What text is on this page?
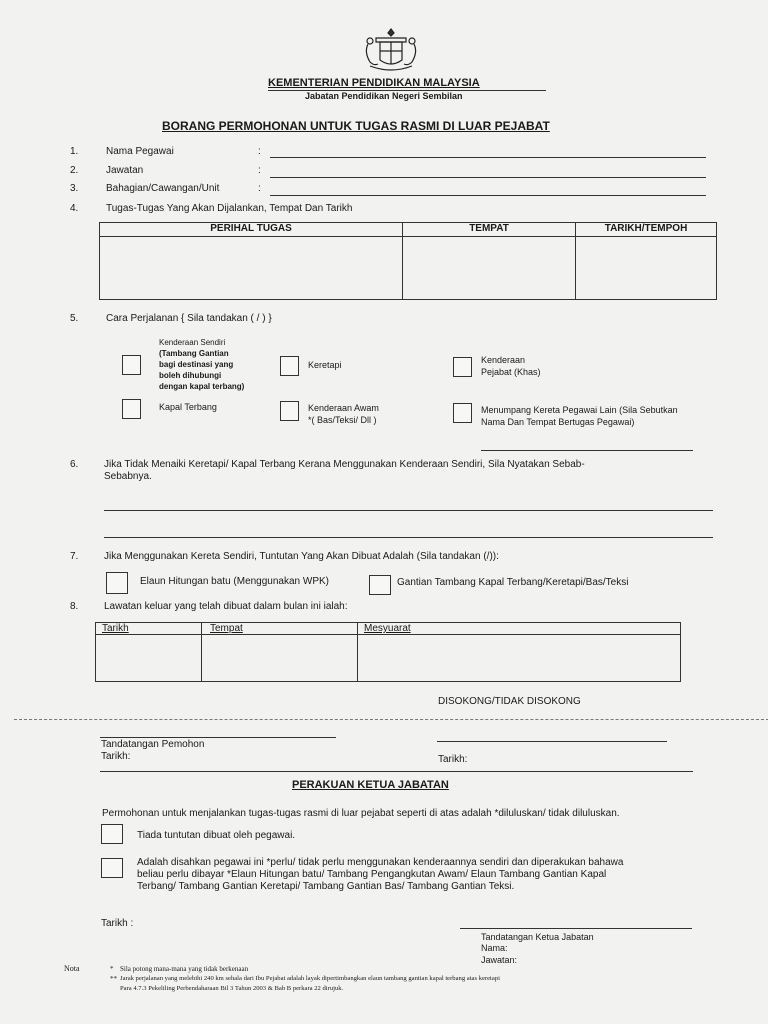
KEMENTERIAN PENDIDIKAN MALAYSIA
Jabatan Pendidikan Negeri Sembilan
BORANG PERMOHONAN UNTUK TUGAS RASMI DI LUAR PEJABAT
1.	Nama Pegawai	:
2.	Jawatan	:
3.	Bahagian/Cawangan/Unit	:
4.	Tugas-Tugas Yang Akan Dijalankan, Tempat Dan Tarikh
PERIHAL TUGAS	TEMPAT	TARIKH/TEMPOH

5.	Cara Perjalanan { Sila tandakan ( / ) }
Kenderaan Sendiri
(Tambang Gantian
bagi destinasi yang
boleh dihubungi
dengan kapal terbang)
Keretapi	Kenderaan
Pejabat (Khas)
Kapal Terbang	Kenderaan Awam
*( Bas/Teksi/ Dll )
Menumpang Kereta Pegawai Lain (Sila Sebutkan
Nama Dan Tempat Bertugas Pegawai)
6.	Jika Tidak Menaiki Keretapi/ Kapal Terbang Kerana Menggunakan Kenderaan Sendiri, Sila Nyatakan Sebab-
Sebabnya.
7.	Jika Menggunakan Kereta Sendiri, Tuntutan Yang Akan Dibuat Adalah (Sila tandakan (/)):
Elaun Hitungan batu (Menggunakan WPK)	Gantian Tambang Kapal Terbang/Keretapi/Bas/Teksi
8.	Lawatan keluar yang telah dibuat dalam bulan ini ialah:
Tarikh	Tempat	Mesyuarat

DISOKONG/TIDAK DISOKONG
Tandatangan Pemohon
Tarikh:	Tarikh:
PERAKUAN KETUA JABATAN
Permohonan untuk menjalankan tugas-tugas rasmi di luar pejabat seperti di atas adalah *diluluskan/ tidak diluluskan.
Tiada tuntutan dibuat oleh pegawai.
Adalah disahkan pegawai ini *perlu/ tidak perlu menggunakan kenderaannya sendiri dan diperakukan bahawa
beliau perlu dibayar *Elaun Hitungan batu/ Tambang Pengangkutan Awam/ Elaun Tambang Gantian Kapal
Terbang/ Tambang Gantian Keretapi/ Tambang Gantian Bas/ Tambang Gantian Teksi.
Tarikh :
Tandatangan Ketua Jabatan
Nama:
Jawatan:
Nota	* Sila potong mana-mana yang tidak berkenaan
** Jarak perjalanan yang melebihi 240 km sehala dari Ibu Pejabat adalah layak dipertimbangkan elaun tambang gantian kapal terbang atas keretapi
Para 4.7.3 Pekeliling Perbendaharaan Bil 3 Tahun 2003 & Bab B perkara 22 dirujuk.
